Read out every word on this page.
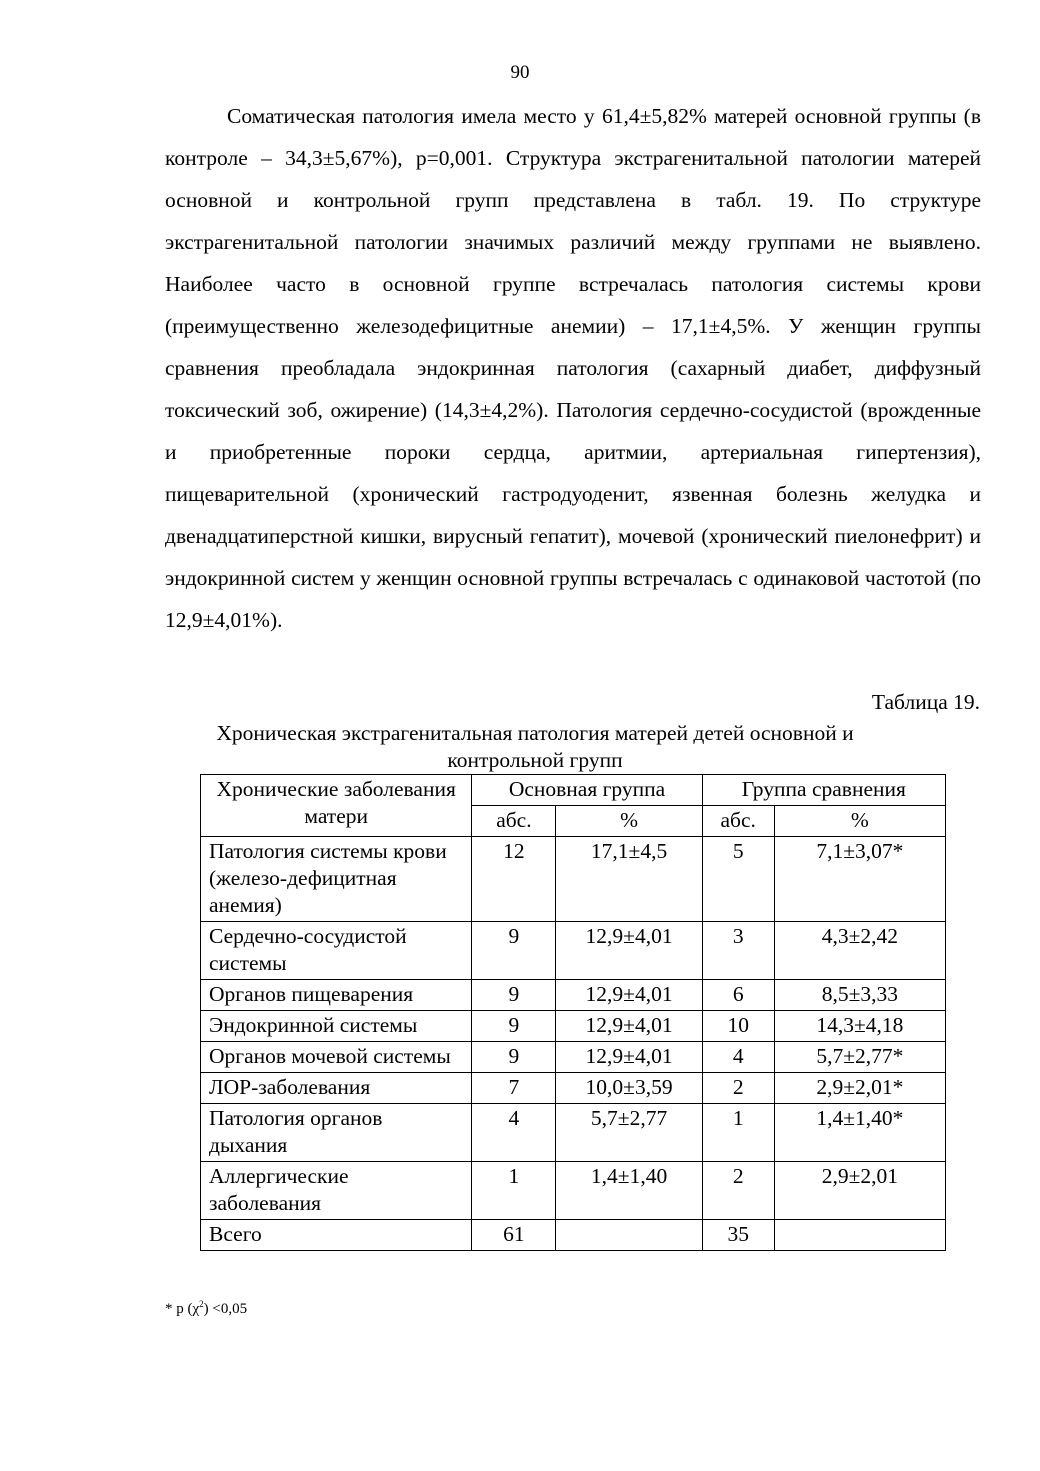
90

Соматическая патология имела место у 61,4±5,82% матерей основной группы (в контроле – 34,3±5,67%), р=0,001. Структура экстрагенитальной патологии матерей основной и контрольной групп представлена в табл. 19. По структуре экстрагенитальной патологии значимых различий между группами не выявлено. Наиболее часто в основной группе встречалась патология системы крови (преимущественно железодефицитные анемии) – 17,1±4,5%. У женщин группы сравнения преобладала эндокринная патология (сахарный диабет, диффузный токсический зоб, ожирение) (14,3±4,2%). Патология сердечно-сосудистой (врожденные и приобретенные пороки сердца, аритмии, артериальная гипертензия), пищеварительной (хронический гастродуоденит, язвенная болезнь желудка и двенадцатиперстной кишки, вирусный гепатит), мочевой (хронический пиелонефрит) и эндокринной систем у женщин основной группы встречалась с одинаковой частотой (по 12,9±4,01%).

Таблица 19.
Хроническая экстрагенитальная патология матерей детей основной и контрольной групп
Хронические заболевания матери	Основная группа		Группа сравнения	
	абс.	%	абс.	%
Патология системы крови (железо-дефицитная анемия)	12	17,1±4,5	5	7,1±3,07*
Сердечно-сосудистой системы	9	12,9±4,01	3	4,3±2,42
Органов пищеварения	9	12,9±4,01	6	8,5±3,33
Эндокринной системы	9	12,9±4,01	10	14,3±4,18
Органов мочевой системы	9	12,9±4,01	4	5,7±2,77*
ЛОР-заболевания	7	10,0±3,59	2	2,9±2,01*
Патология органов дыхания	4	5,7±2,77	1	1,4±1,40*
Аллергические заболевания	1	1,4±1,40	2	2,9±2,01
Всего	61		35	
* р $(\chi^2) <0,05$
